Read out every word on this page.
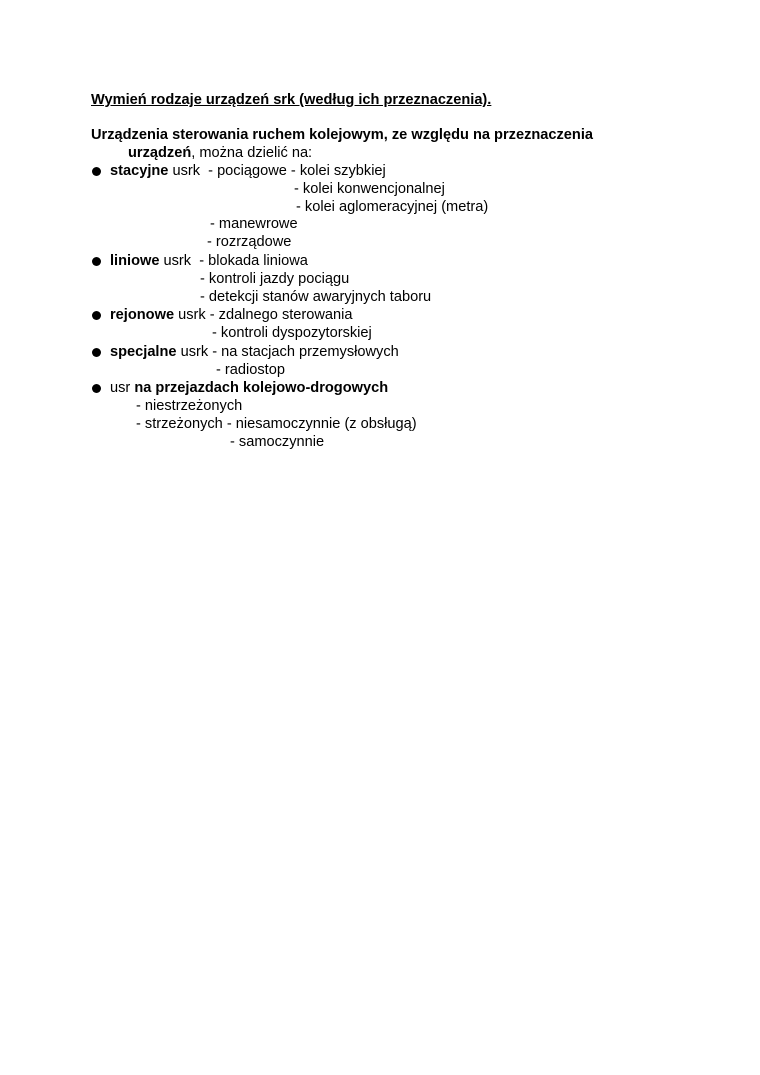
Wymień rodzaje urządzeń srk (według ich przeznaczenia).
Urządzenia sterowania ruchem kolejowym, ze względu na przeznaczenia
urządzeń, można dzielić na:
stacyjne usrk  - pociągowe - kolei szybkiej
- kolei konwencjonalnej
- kolei aglomeracyjnej (metra)
- manewrowe
- rozrządowe
liniowe usrk  - blokada liniowa
- kontroli jazdy pociągu
- detekcji stanów awaryjnych taboru
rejonowe usrk - zdalnego sterowania
- kontroli dyspozytorskiej
specjalne usrk - na stacjach przemysłowych
- radiostop
usr na przejazdach kolejowo-drogowych
- niestrzeżonych
- strzeżonych - niesamoczynnie (z obsługą)
- samoczynnie
